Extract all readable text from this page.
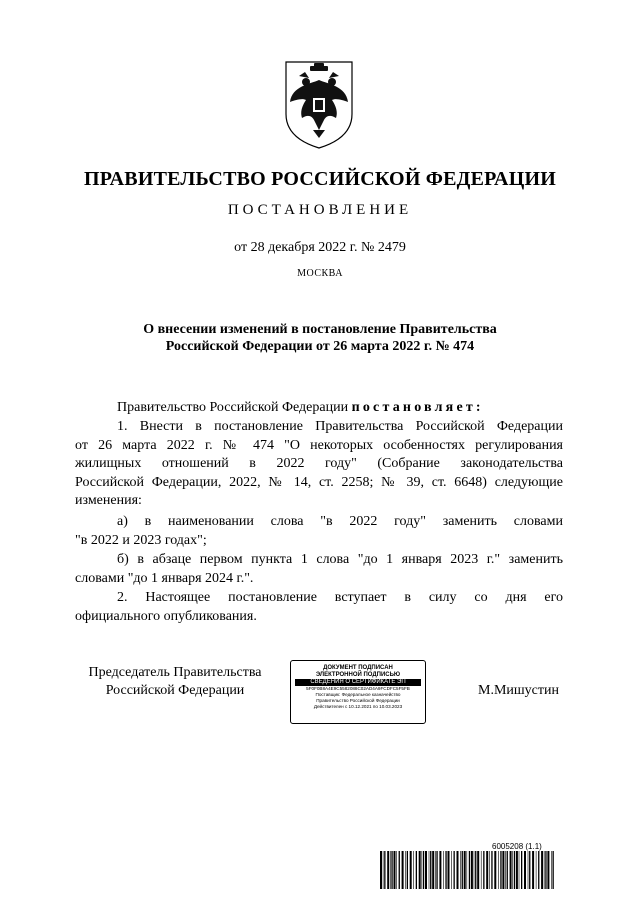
ПРАВИТЕЛЬСТВО РОССИЙСКОЙ ФЕДЕРАЦИИ
ПОСТАНОВЛЕНИЕ
от 28 декабря 2022 г. № 2479
МОСКВА
О внесении изменений в постановление Правительства
Российской Федерации от 26 марта 2022 г. № 474
Правительство Российской Федерации постановляет:
1. Внести в постановление Правительства Российской Федерации
от 26 марта 2022 г. № 474 "О некоторых особенностях регулирования
жилищных отношений в 2022 году" (Собрание законодательства
Российской Федерации, 2022, № 14, ст. 2258; № 39, ст. 6648) следующие
изменения:
а) в наименовании слова "в 2022 году" заменить словами
"в 2022 и 2023 годах";
б) в абзаце первом пункта 1 слова "до 1 января 2023 г." заменить
словами "до 1 января 2024 г.".
2. Настоящее постановление вступает в силу со дня его
официального опубликования.
Председатель Правительства
Российской Федерации
ДОКУМЕНТ ПОДПИСАН
ЭЛЕКТРОННОЙ ПОДПИСЬЮ
СВЕДЕНИЯ О СЕРТИФИКАТЕ ЭП
5F0F0B8A4E9C5582088C02AD4A9FCDFC5F5FB
Поставщик: Федеральное казначейство
Правительство Российской Федерации
Действителен с 10.12.2021 по 10.03.2023
М.Мишустин
6005208 (1.1)
